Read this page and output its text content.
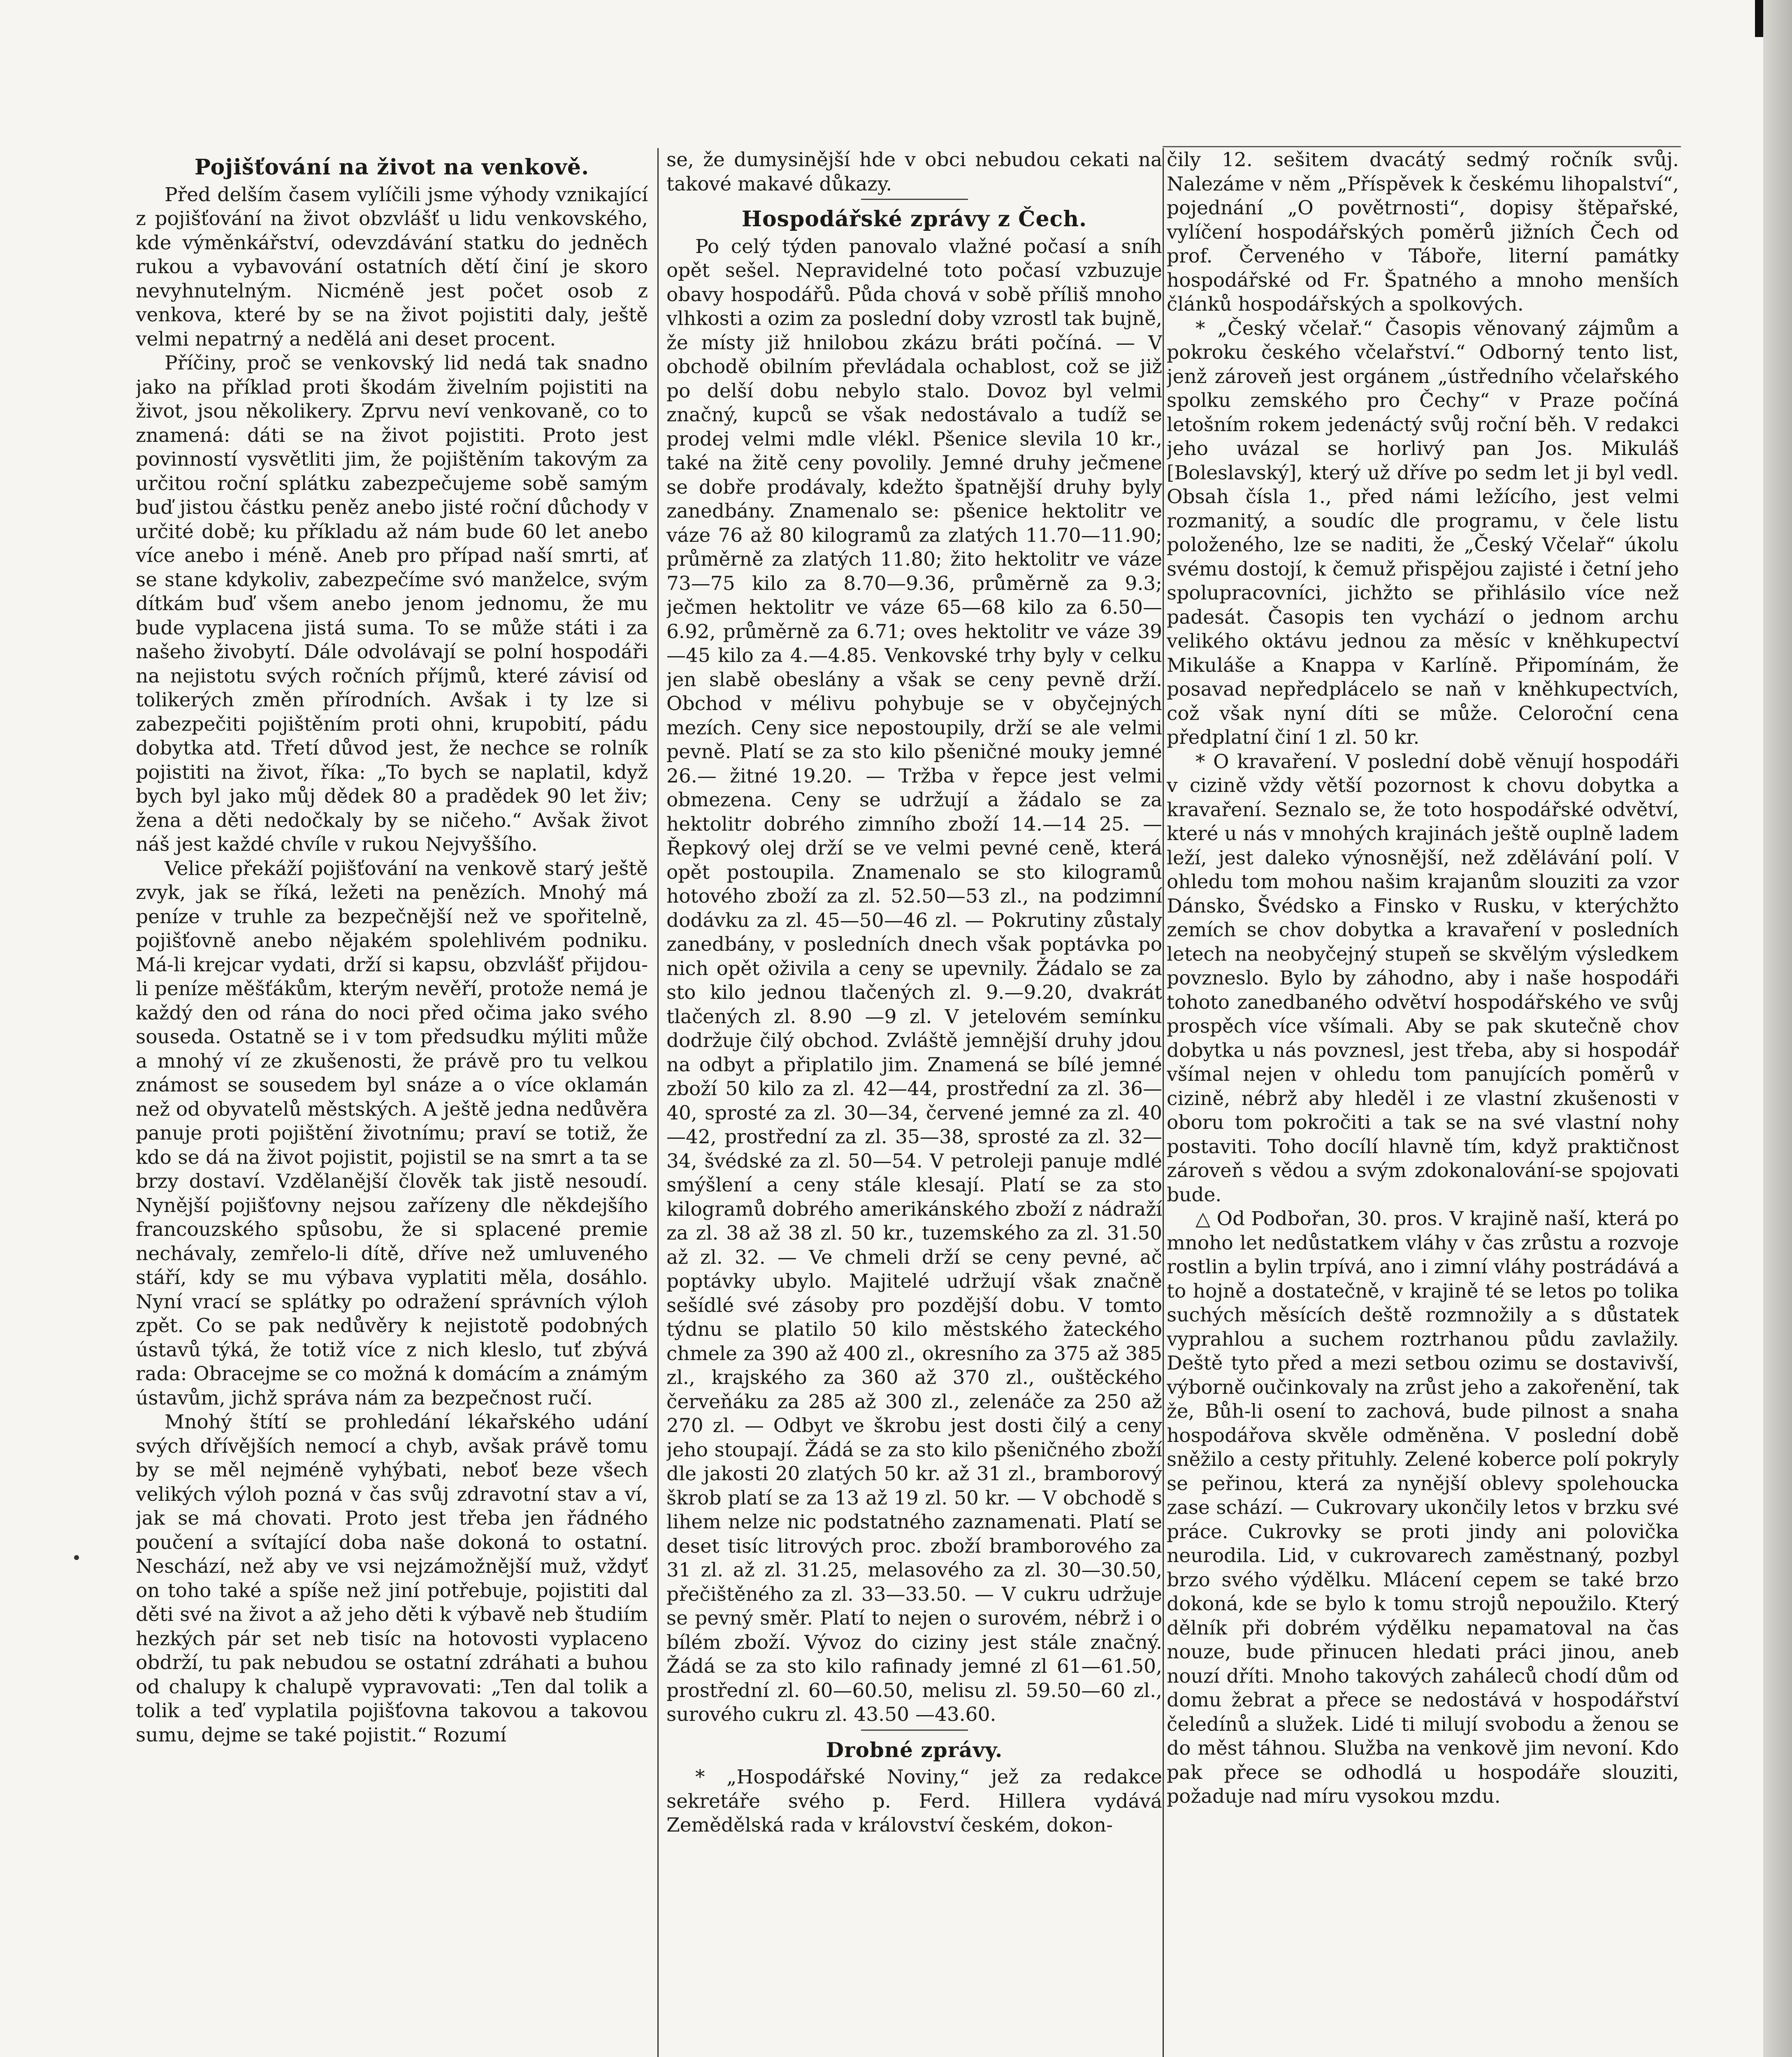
Pojišťování na život na venkově.

Před delším časem vylíčili jsme výhody vznikající z pojišťování na život obzvlášť u lidu venkovského, kde výměnkářství, odevzdávání statku do jedněch rukou a vybavování ostatních dětí činí je skoro nevyhnutelným. Nicméně jest počet osob z venkova, které by se na život pojistiti daly, ještě velmi nepatrný a nedělá ani deset procent.

Příčiny, proč se venkovský lid nedá tak snadno jako na příklad proti škodám živelním pojistiti na život, jsou několikery. Zprvu neví venkovaně, co to znamená: dáti se na život pojistiti. Proto jest povinností vysvětliti jim, že pojištěním takovým za určitou roční splátku zabezpečujeme sobě samým buď jistou částku peněz anebo jisté roční důchody v určité době; ku příkladu až nám bude 60 let anebo více anebo i méně. Aneb pro případ naší smrti, ať se stane kdykoliv, zabezpečíme svó manželce, svým dítkám buď všem anebo jenom jednomu, že mu bude vyplacena jistá suma. To se může státi i za našeho živobytí. Dále odvolávají se polní hospodáři na nejistotu svých ročních příjmů, které závisí od tolikerých změn přírodních. Avšak i ty lze si zabezpečiti pojištěním proti ohni, krupobití, pádu dobytka atd. Třetí důvod jest, že nechce se rolník pojistiti na život, říka: „To bych se naplatil, když bych byl jako můj dědek 80 a pradědek 90 let živ; žena a děti nedočkaly by se ničeho.“ Avšak život náš jest každé chvíle v rukou Nejvyššího.

Velice překáží pojišťování na venkově starý ještě zvyk, jak se říká, ležeti na penězích. Mnohý má peníze v truhle za bezpečnější než ve spořitelně, pojišťovně anebo nějakém spolehlivém podniku. Má-li krejcar vydati, drží si kapsu, obzvlášť přijdou-li peníze měšťákům, kterým nevěří, protože nemá je každý den od rána do noci před očima jako svého souseda. Ostatně se i v tom předsudku mýliti může a mnohý ví ze zkušenosti, že právě pro tu velkou známost se sousedem byl snáze a o více oklamán než od obyvatelů městských. A ještě jedna nedůvěra panuje proti pojištění životnímu; praví se totiž, že kdo se dá na život pojistit, pojistil se na smrt a ta se brzy dostaví. Vzdělanější člověk tak jistě nesoudí. Nynější pojišťovny nejsou zařízeny dle někdejšího francouzského spůsobu, že si splacené premie nechávaly, zemřelo-li dítě, dříve než umluveného stáří, kdy se mu výbava vyplatiti měla, dosáhlo. Nyní vrací se splátky po odražení správních výloh zpět. Co se pak nedůvěry k nejistotě podobných ústavů týká, že totiž více z nich kleslo, tuť zbývá rada: Obracejme se co možná k domácím a známým ústavům, jichž správa nám za bezpečnost ručí.

Mnohý štítí se prohledání lékařského udání svých dřívějších nemocí a chyb, avšak právě tomu by se měl nejméně vyhýbati, neboť beze všech velikých výloh pozná v čas svůj zdravotní stav a ví, jak se má chovati. Proto jest třeba jen řádného poučení a svítající doba naše dokoná to ostatní. Neschází, než aby ve vsi nejzámožnější muž, vždyť on toho také a spíše než jiní potřebuje, pojistiti dal děti své na život a až jeho děti k výbavě neb študiím hezkých pár set neb tisíc na hotovosti vyplaceno obdrží, tu pak nebudou se ostatní zdráhati a buhou od chalupy k chalupě vypravovati: „Ten dal tolik a tolik a teď vyplatila pojišťovna takovou a takovou sumu, dejme se také pojistit.“ Rozumí

se, že dumysinější hde v obci nebudou cekati na takové makavé důkazy.

Hospodářské zprávy z Čech.

Po celý týden panovalo vlažné počasí a sníh opět sešel. Nepravidelné toto počasí vzbuzuje obavy hospodářů. Půda chová v sobě příliš mnoho vlhkosti a ozim za poslední doby vzrostl tak bujně, že místy již hnilobou zkázu bráti počíná. — V obchodě obilním převládala ochablost, což se již po delší dobu nebylo stalo. Dovoz byl velmi značný, kupců se však nedostávalo a tudíž se prodej velmi mdle vlékl. Pšenice slevila 10 kr., také na žitě ceny povolily. Jemné druhy ječmene se dobře prodávaly, kdežto špatnější druhy byly zanedbány. Znamenalo se: pšenice hektolitr ve váze 76 až 80 kilogramů za zlatých 11.70—11.90; průměrně za zlatých 11.80; žito hektolitr ve váze 73—75 kilo za 8.70—9.36, průměrně za 9.3; ječmen hektolitr ve váze 65—68 kilo za 6.50—6.92, průměrně za 6.71; oves hektolitr ve váze 39—45 kilo za 4.—4.85. Venkovské trhy byly v celku jen slabě obeslány a však se ceny pevně drží. Obchod v mélivu pohybuje se v obyčejných mezích. Ceny sice nepostoupily, drží se ale velmi pevně. Platí se za sto kilo pšeničné mouky jemné 26.— žitné 19.20. — Tržba v řepce jest velmi obmezena. Ceny se udržují a žádalo se za hektolitr dobrého zimního zboží 14.—14 25. — Řepkový olej drží se ve velmi pevné ceně, která opět postoupila. Znamenalo se sto kilogramů hotového zboží za zl. 52.50—53 zl., na podzimní dodávku za zl. 45—50—46 zl. — Pokrutiny zůstaly zanedbány, v posledních dnech však poptávka po nich opět oživila a ceny se upevnily. Žádalo se za sto kilo jednou tlačených zl. 9.—9.20, dvakrát tlačených zl. 8.90 —9 zl. V jetelovém semínku dodržuje čilý obchod. Zvláště jemnější druhy jdou na odbyt a připlatilo jim. Znamená se bílé jemné zboží 50 kilo za zl. 42—44, prostřední za zl. 36—40, sprosté za zl. 30—34, červené jemné za zl. 40—42, prostřední za zl. 35—38, sprosté za zl. 32—34, švédské za zl. 50—54. V petroleji panuje mdlé smýšlení a ceny stále klesají. Platí se za sto kilogramů dobrého amerikánského zboží z nádraží za zl. 38 až 38 zl. 50 kr., tuzemského za zl. 31.50 až zl. 32. — Ve chmeli drží se ceny pevné, ač poptávky ubylo. Majitelé udržují však značně sešídlé své zásoby pro pozdější dobu. V tomto týdnu se platilo 50 kilo městského žateckého chmele za 390 až 400 zl., okresního za 375 až 385 zl., krajského za 360 až 370 zl., ouštěckého červeňáku za 285 až 300 zl., zelenáče za 250 až 270 zl. — Odbyt ve škrobu jest dosti čilý a ceny jeho stoupají. Žádá se za sto kilo pšeničného zboží dle jakosti 20 zlatých 50 kr. až 31 zl., bramborový škrob platí se za 13 až 19 zl. 50 kr. — V obchodě s lihem nelze nic podstatného zaznamenati. Platí se deset tisíc litrových proc. zboží bramborového za 31 zl. až zl. 31.25, melasového za zl. 30—30.50, přečištěného za zl. 33—33.50. — V cukru udržuje se pevný směr. Platí to nejen o surovém, nébrž i o bílém zboží. Vývoz do ciziny jest stále značný. Žádá se za sto kilo rafinady jemné zl 61—61.50, prostřední zl. 60—60.50, melisu zl. 59.50—60 zl., surového cukru zl. 43.50 —43.60.

Drobné zprávy.

* „Hospodářské Noviny,“ jež za redakce sekretáře svého p. Ferd. Hillera vydává Zemědělská rada v království českém, dokon-

čily 12. sešitem dvacátý sedmý ročník svůj. Nalezáme v něm „Příspěvek k českému lihopalství“, pojednání „O povětrnosti“, dopisy štěpařské, vylíčení hospodářských poměrů jižních Čech od prof. Červeného v Táboře, literní památky hospodářské od Fr. Špatného a mnoho menších článků hospodářských a spolkových.

* „Český včelař.“ Časopis věnovaný zájmům a pokroku českého včelařství.“ Odborný tento list, jenž zároveň jest orgánem „ústředního včelařského spolku zemského pro Čechy“ v Praze počíná letošním rokem jedenáctý svůj roční běh. V redakci jeho uvázal se horlivý pan Jos. Mikuláš [Boleslavský], který už dříve po sedm let ji byl vedl. Obsah čísla 1., před námi ležícího, jest velmi rozmanitý, a soudíc dle programu, v čele listu položeného, lze se naditi, že „Český Včelař“ úkolu svému dostojí, k čemuž přispějou zajisté i četní jeho spolupracovníci, jichžto se přihlásilo více než padesát. Časopis ten vychází o jednom archu velikého oktávu jednou za měsíc v kněhkupectví Mikuláše a Knappa v Karlíně. Připomínám, že posavad nepředplácelo se naň v kněhkupectvích, což však nyní díti se může. Celoroční cena předplatní činí 1 zl. 50 kr.

* O kravaření. V poslední době věnují hospodáři v cizině vždy větší pozornost k chovu dobytka a kravaření. Seznalo se, že toto hospodářské odvětví, které u nás v mnohých krajinách ještě ouplně ladem leží, jest daleko výnosnější, než zdělávání polí. V ohledu tom mohou našim krajanům slouziti za vzor Dánsko, Švédsko a Finsko v Rusku, v kterýchžto zemích se chov dobytka a kravaření v posledních letech na neobyčejný stupeň se skvělým výsledkem povzneslo. Bylo by záhodno, aby i naše hospodáři tohoto zanedbaného odvětví hospodářského ve svůj prospěch více všímali. Aby se pak skutečně chov dobytka u nás povznesl, jest třeba, aby si hospodář všímal nejen v ohledu tom panujících poměrů v cizině, nébrž aby hleděl i ze vlastní zkušenosti v oboru tom pokročiti a tak se na své vlastní nohy postaviti. Toho docílí hlavně tím, když praktičnost zároveň s vědou a svým zdokonalování-se spojovati bude.

△ Od Podbořan, 30. pros. V krajině naší, která po mnoho let nedůstatkem vláhy v čas zrůstu a rozvoje rostlin a bylin trpívá, ano i zimní vláhy postrádává a to hojně a dostatečně, v krajině té se letos po tolika suchých měsících deště rozmnožily a s důstatek vyprahlou a suchem roztrhanou půdu zavlažily. Deště tyto před a mezi setbou ozimu se dostavivší, výborně oučinkovaly na zrůst jeho a zakořenění, tak že, Bůh-li osení to zachová, bude pilnost a snaha hospodářova skvěle odměněna. V poslední době sněžilo a cesty přituhly. Zelené koberce polí pokryly se peřinou, která za nynější oblevy spolehoucka zase schází. — Cukrovary ukončily letos v brzku své práce. Cukrovky se proti jindy ani polovička neurodila. Lid, v cukrovarech zaměstnaný, pozbyl brzo svého výdělku. Mlácení cepem se také brzo dokoná, kde se bylo k tomu strojů nepoužilo. Který dělník při dobrém výdělku nepamatoval na čas nouze, bude přinucen hledati práci jinou, aneb nouzí dříti. Mnoho takových zaháleců chodí dům od domu žebrat a přece se nedostává v hospodářství čeledínů a služek. Lidé ti milují svobodu a ženou se do měst táhnou. Služba na venkově jim nevoní. Kdo pak přece se odhodlá u hospodáře slouziti, požaduje nad míru vysokou mzdu.
